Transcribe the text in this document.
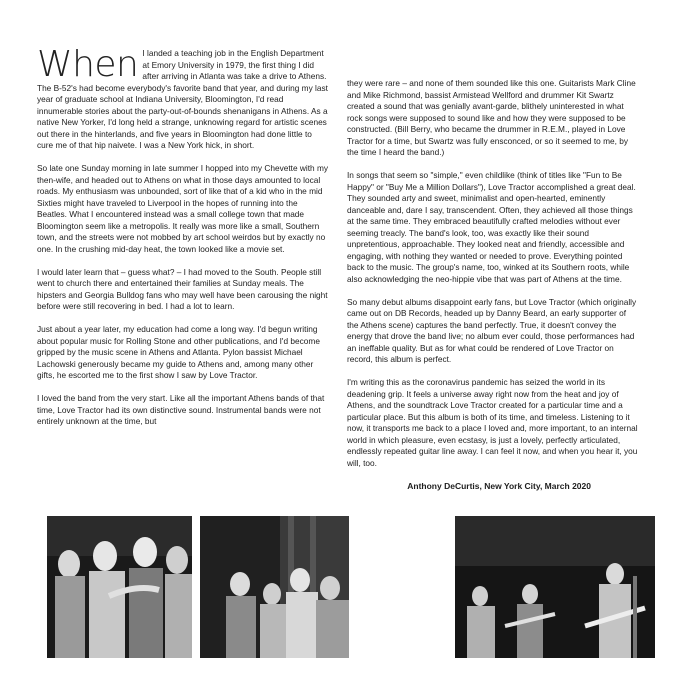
When I landed a teaching job in the English Department at Emory University in 1979, the first thing I did after arriving in Atlanta was take a drive to Athens. The B-52's had become everybody's favorite band that year, and during my last year of graduate school at Indiana University, Bloomington, I'd read innumerable stories about the party-out-of-bounds shenanigans in Athens. As a native New Yorker, I'd long held a strange, unknowing regard for artistic scenes out there in the hinterlands, and five years in Bloomington had done little to cure me of that hip naivete. I was a New York hick, in short.

So late one Sunday morning in late summer I hopped into my Chevette with my then-wife, and headed out to Athens on what in those days amounted to local roads. My enthusiasm was unbounded, sort of like that of a kid who in the mid Sixties might have traveled to Liverpool in the hopes of running into the Beatles. What I encountered instead was a small college town that made Bloomington seem like a metropolis. It really was more like a small, Southern town, and the streets were not mobbed by art school weirdos but by exactly no one. In the crushing mid-day heat, the town looked like a movie set.

I would later learn that – guess what? – I had moved to the South. People still went to church there and entertained their families at Sunday meals. The hipsters and Georgia Bulldog fans who may well have been carousing the night before were still recovering in bed. I had a lot to learn.

Just about a year later, my education had come a long way. I'd begun writing about popular music for Rolling Stone and other publications, and I'd become gripped by the music scene in Athens and Atlanta. Pylon bassist Michael Lachowski generously became my guide to Athens and, among many other gifts, he escorted me to the first show I saw by Love Tractor.

I loved the band from the very start. Like all the important Athens bands of that time, Love Tractor had its own distinctive sound. Instrumental bands were not entirely unknown at the time, but

they were rare – and none of them sounded like this one. Guitarists Mark Cline and Mike Richmond, bassist Armistead Wellford and drummer Kit Swartz created a sound that was genially avant-garde, blithely uninterested in what rock songs were supposed to sound like and how they were supposed to be constructed. (Bill Berry, who became the drummer in R.E.M., played in Love Tractor for a time, but Swartz was fully ensconced, or so it seemed to me, by the time I heard the band.)

In songs that seem so "simple," even childlike (think of titles like "Fun to Be Happy" or "Buy Me a Million Dollars"), Love Tractor accomplished a great deal. They sounded arty and sweet, minimalist and open-hearted, eminently danceable and, dare I say, transcendent. Often, they achieved all those things at the same time. They embraced beautifully crafted melodies without ever seeming treacly. The band's look, too, was exactly like their sound unpretentious, approachable. They looked neat and friendly, accessible and engaging, with nothing they wanted or needed to prove. Everything pointed back to the music. The group's name, too, winked at its Southern roots, while also acknowledging the neo-hippie vibe that was part of Athens at the time.

So many debut albums disappoint early fans, but Love Tractor (which originally came out on DB Records, headed up by Danny Beard, an early supporter of the Athens scene) captures the band perfectly. True, it doesn't convey the energy that drove the band live; no album ever could, those performances had an ineffable quality. But as for what could be rendered of Love Tractor on record, this album is perfect.

I'm writing this as the coronavirus pandemic has seized the world in its deadening grip. It feels a universe away right now from the heat and joy of Athens, and the soundtrack Love Tractor created for a particular time and a particular place. But this album is both of its time, and timeless. Listening to it now, it transports me back to a place I loved and, more important, to an internal world in which pleasure, even ecstasy, is just a lovely, perfectly articulated, endlessly repeated guitar line away. I can feel it now, and when you hear it, you will, too.

Anthony DeCurtis, New York City, March 2020
